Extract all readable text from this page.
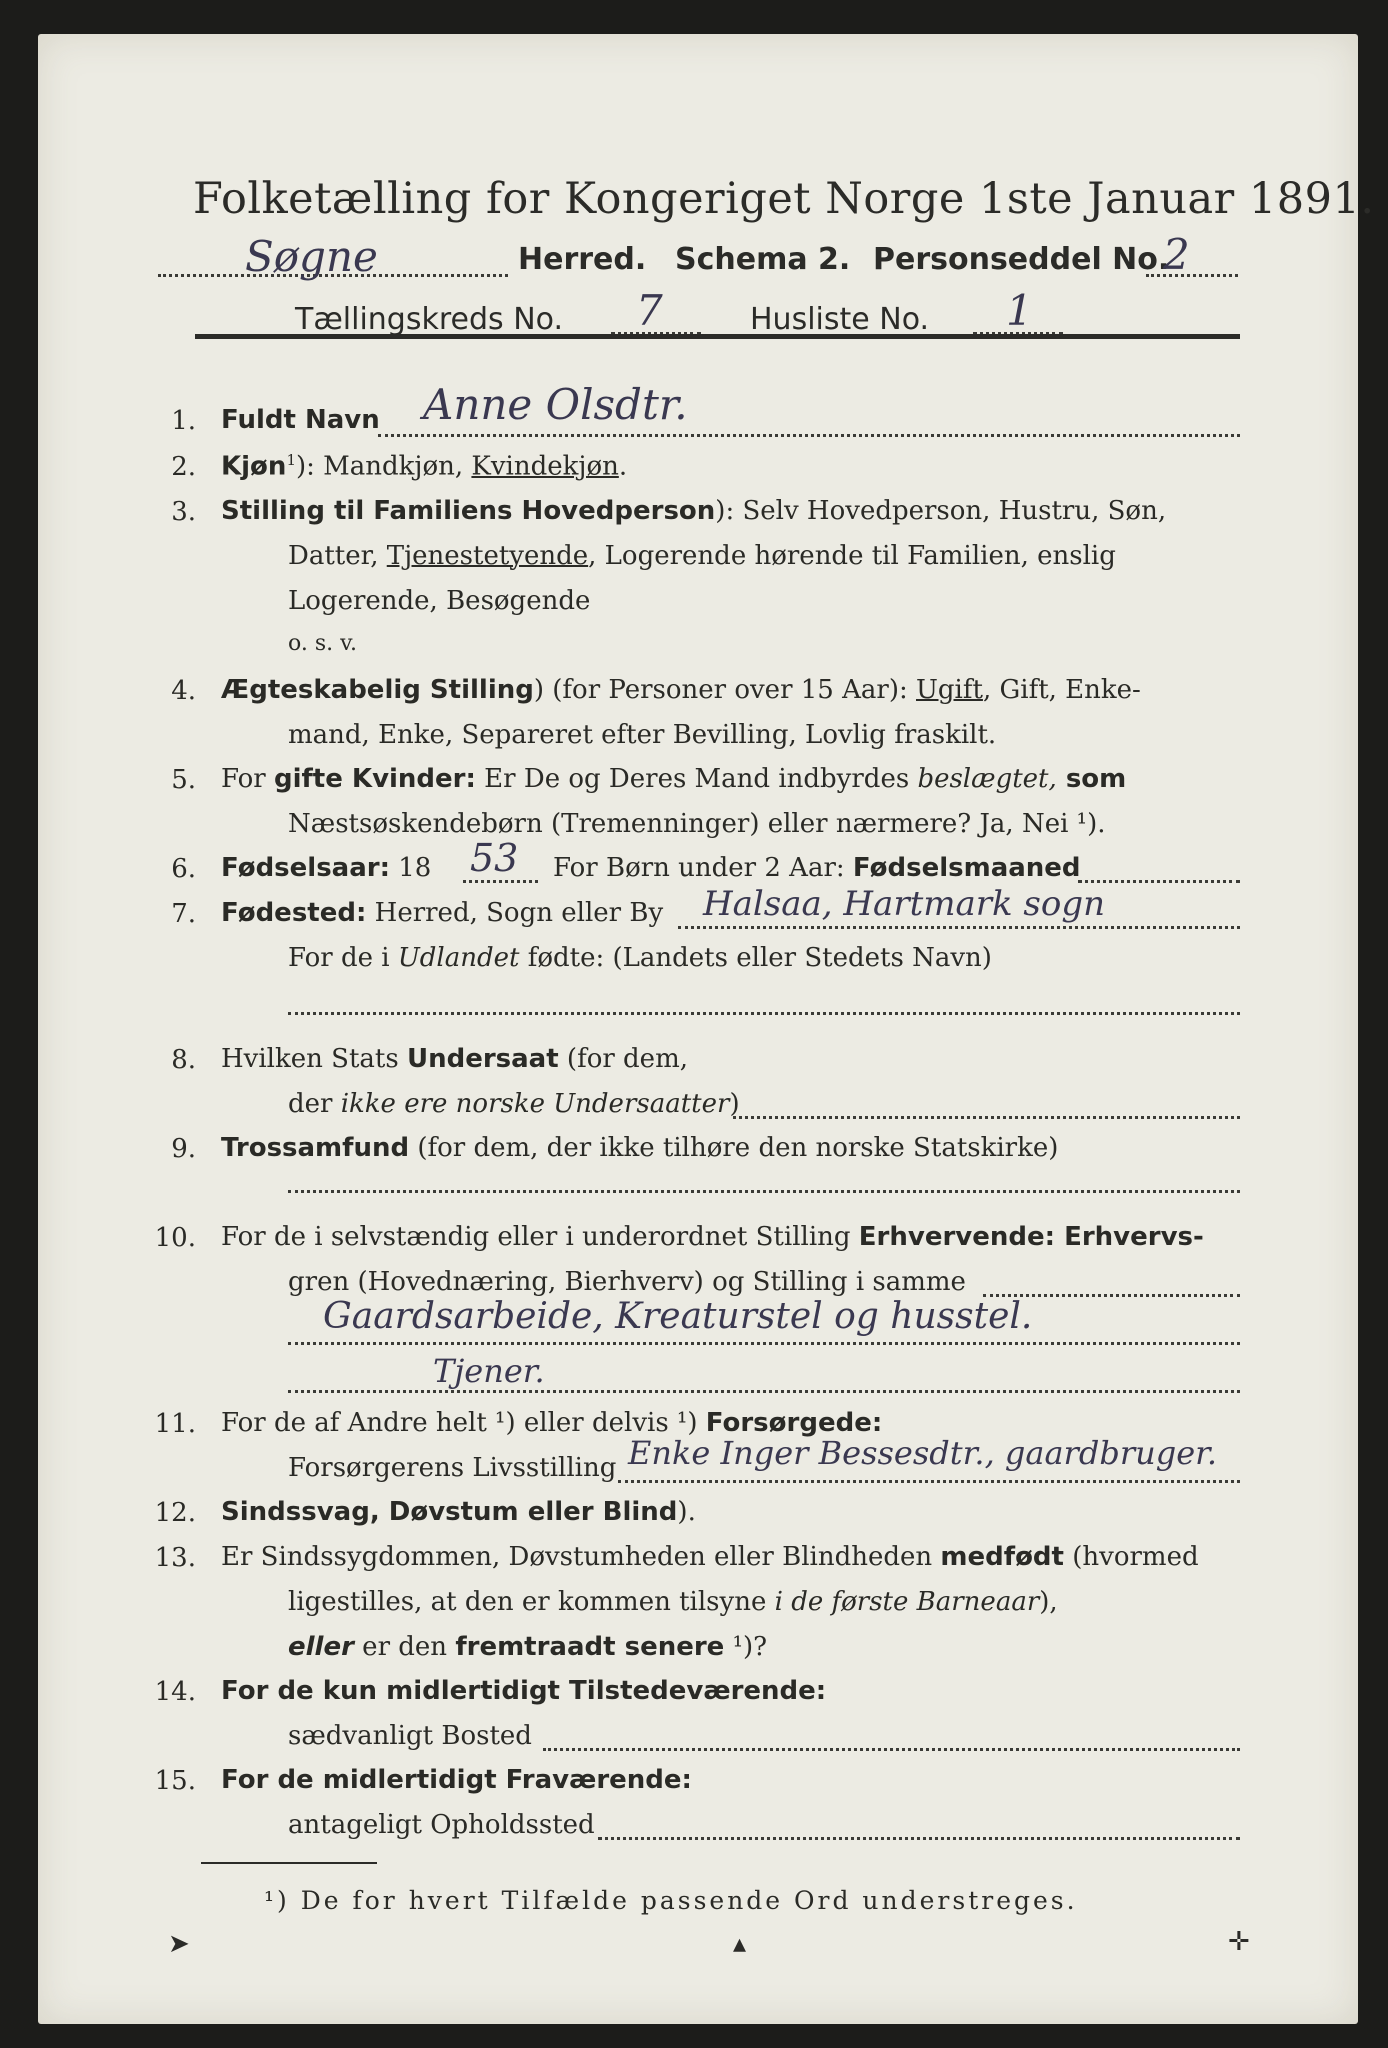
Folketælling for Kongeriget Norge 1ste Januar 1891.
Søgne	Herred. Schema 2. Personseddel No.
2
Tællingskreds No. 7	Husliste No. 1
1. Fuldt Navn Anne Olsdtr.
2. Kjøn$^1$): Mandkjøn, Kvindekjøn.
3. Stilling til Familiens Hovedperson): Selv Hovedperson, Hustru, Søn,
Datter, Tjenestetyende, Logerende hørende til Familien, enslig
Logerende, Besøgende
o. s. v.
4. Ægteskabelig Stilling) (for Personer over 15 Aar): Ugift, Gift, Enke-
mand, Enke, Separeret efter Bevilling, Lovlig fraskilt.
5. For gifte Kvinder: Er De og Deres Mand indbyrdes beslægtet, som
Næstsøskendebørn (Tremenninger) eller nærmere? Ja, Nei ¹).
6. Fødselsaar: 18 53 For Børn under 2 Aar: Fødselsmaaned
7. Fødested: Herred, Sogn eller By Halsaa, Hartmark sogn
For de i Udlandet fødte: (Landets eller Stedets Navn)
8. Hvilken Stats Undersaat (for dem,
der ikke ere norske Undersaatter)
9. Trossamfund (for dem, der ikke tilhøre den norske Statskirke)
10. For de i selvstændig eller i underordnet Stilling Erhvervende: Erhvervs-
gren (Hovednæring, Bierhverv) og Stilling i samme
Gaardsarbeide, Kreaturstel og husstel.
Tjener.
11. For de af Andre helt ¹) eller delvis ¹) Forsørgede:
Forsørgerens Livsstilling Enke Inger Bessesdtr., gaardbruger.
12. Sindssvag, Døvstum eller Blind).
13. Er Sindssygdommen, Døvstumheden eller Blindheden medfødt (hvormed
ligestilles, at den er kommen tilsyne i de første Barneaar),
eller er den fremtraadt senere ¹)?
14. For de kun midlertidigt Tilstedeværende:
sædvanligt Bosted
15. For de midlertidigt Fraværende:
antageligt Opholdssted
¹) De for hvert Tilfælde passende Ord understreges.
➤	▴	✛
